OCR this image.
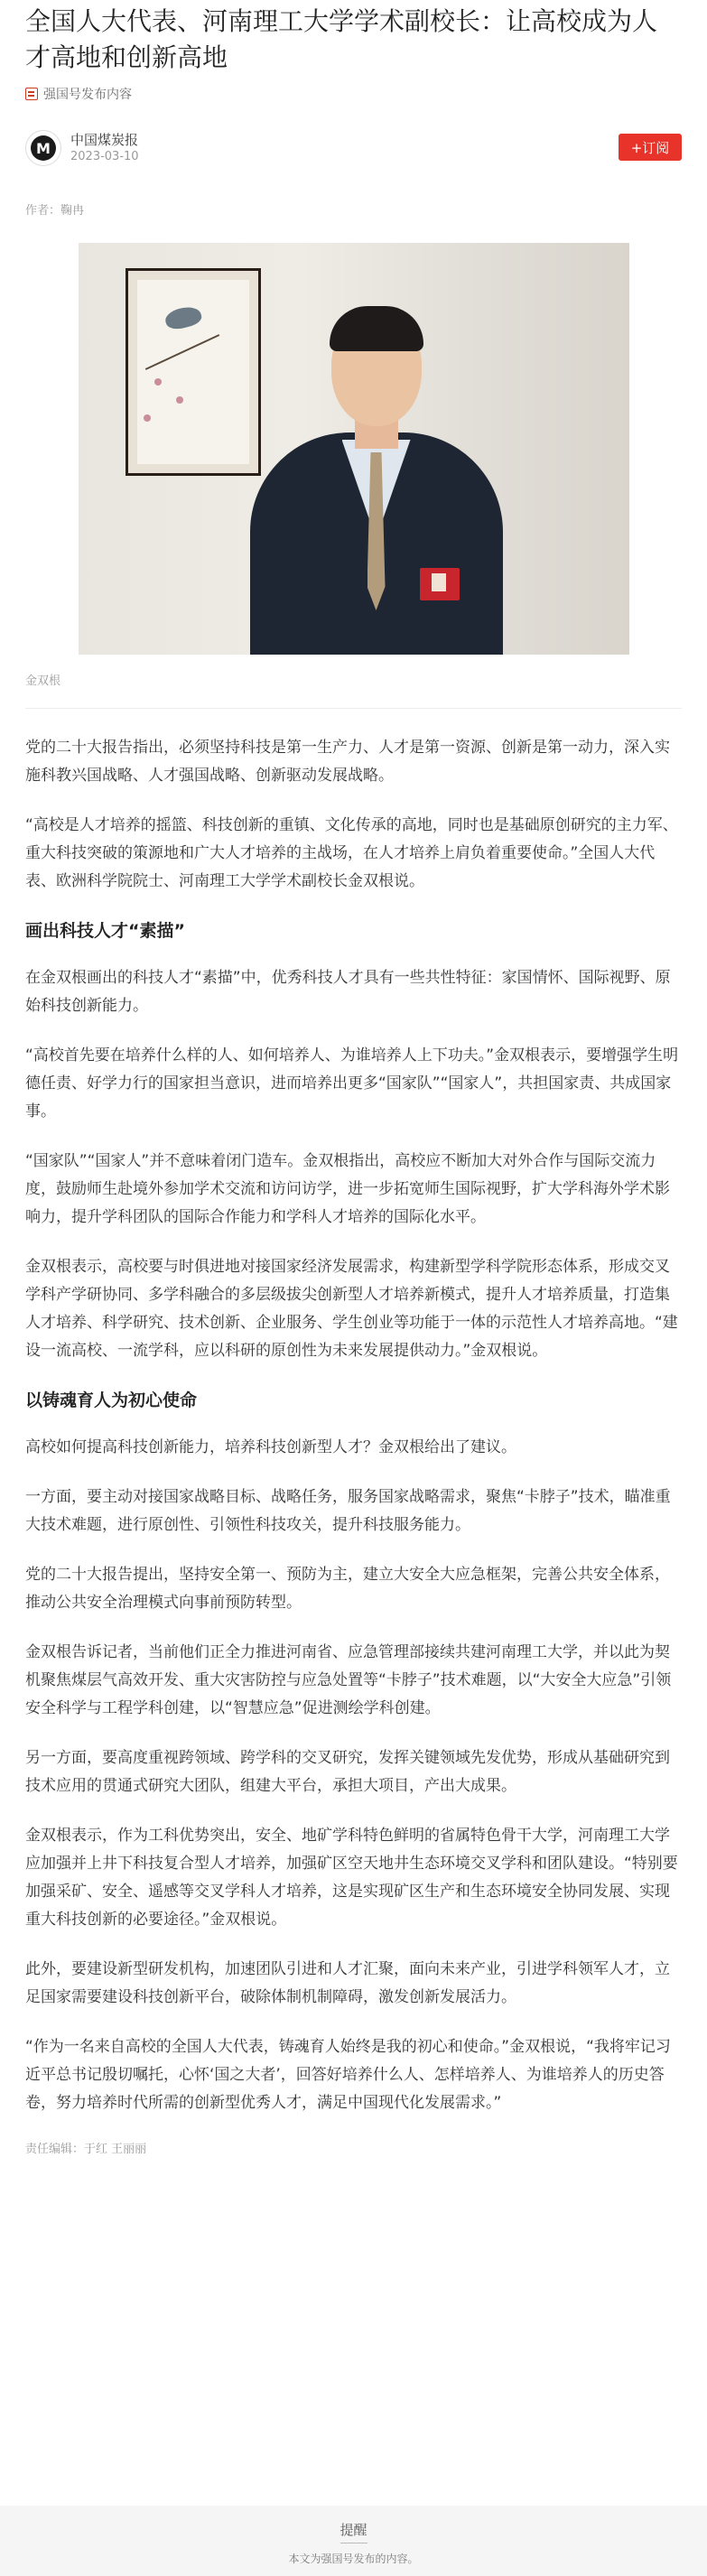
全国人大代表、河南理工大学学术副校长：让高校成为人才高地和创新高地
强国号发布内容
M	中国煤炭报
2023-03-10
+订阅
作者：鞠冉
金双根

党的二十大报告指出，必须坚持科技是第一生产力、人才是第一资源、创新是第一动力，深入实施科教兴国战略、人才强国战略、创新驱动发展战略。

“高校是人才培养的摇篮、科技创新的重镇、文化传承的高地，同时也是基础原创研究的主力军、重大科技突破的策源地和广大人才培养的主战场，在人才培养上肩负着重要使命。”全国人大代表、欧洲科学院院士、河南理工大学学术副校长金双根说。

画出科技人才“素描”

在金双根画出的科技人才“素描”中，优秀科技人才具有一些共性特征：家国情怀、国际视野、原始科技创新能力。

“高校首先要在培养什么样的人、如何培养人、为谁培养人上下功夫。”金双根表示，要增强学生明德任责、好学力行的国家担当意识，进而培养出更多“国家队”“国家人”，共担国家责、共成国家事。

“国家队”“国家人”并不意味着闭门造车。金双根指出，高校应不断加大对外合作与国际交流力度，鼓励师生赴境外参加学术交流和访问访学，进一步拓宽师生国际视野，扩大学科海外学术影响力，提升学科团队的国际合作能力和学科人才培养的国际化水平。

金双根表示，高校要与时俱进地对接国家经济发展需求，构建新型学科学院形态体系，形成交叉学科产学研协同、多学科融合的多层级拔尖创新型人才培养新模式，提升人才培养质量，打造集人才培养、科学研究、技术创新、企业服务、学生创业等功能于一体的示范性人才培养高地。“建设一流高校、一流学科，应以科研的原创性为未来发展提供动力。”金双根说。

以铸魂育人为初心使命

高校如何提高科技创新能力，培养科技创新型人才？金双根给出了建议。

一方面，要主动对接国家战略目标、战略任务，服务国家战略需求，聚焦“卡脖子”技术，瞄准重大技术难题，进行原创性、引领性科技攻关，提升科技服务能力。

党的二十大报告提出，坚持安全第一、预防为主，建立大安全大应急框架，完善公共安全体系，推动公共安全治理模式向事前预防转型。

金双根告诉记者，当前他们正全力推进河南省、应急管理部接续共建河南理工大学，并以此为契机聚焦煤层气高效开发、重大灾害防控与应急处置等“卡脖子”技术难题，以“大安全大应急”引领安全科学与工程学科创建，以“智慧应急”促进测绘学科创建。

另一方面，要高度重视跨领域、跨学科的交叉研究，发挥关键领域先发优势，形成从基础研究到技术应用的贯通式研究大团队，组建大平台，承担大项目，产出大成果。

金双根表示，作为工科优势突出，安全、地矿学科特色鲜明的省属特色骨干大学，河南理工大学应加强并上井下科技复合型人才培养，加强矿区空天地井生态环境交叉学科和团队建设。“特别要加强采矿、安全、遥感等交叉学科人才培养，这是实现矿区生产和生态环境安全协同发展、实现重大科技创新的必要途径。”金双根说。

此外，要建设新型研发机构，加速团队引进和人才汇聚，面向未来产业，引进学科领军人才，立足国家需要建设科技创新平台，破除体制机制障碍，激发创新发展活力。

“作为一名来自高校的全国人大代表，铸魂育人始终是我的初心和使命。”金双根说，“我将牢记习近平总书记殷切嘱托，心怀‘国之大者’，回答好培养什么人、怎样培养人、为谁培养人的历史答卷，努力培养时代所需的创新型优秀人才，满足中国现代化发展需求。”

责任编辑：于红 王丽丽
提醒
本文为强国号发布的内容。
